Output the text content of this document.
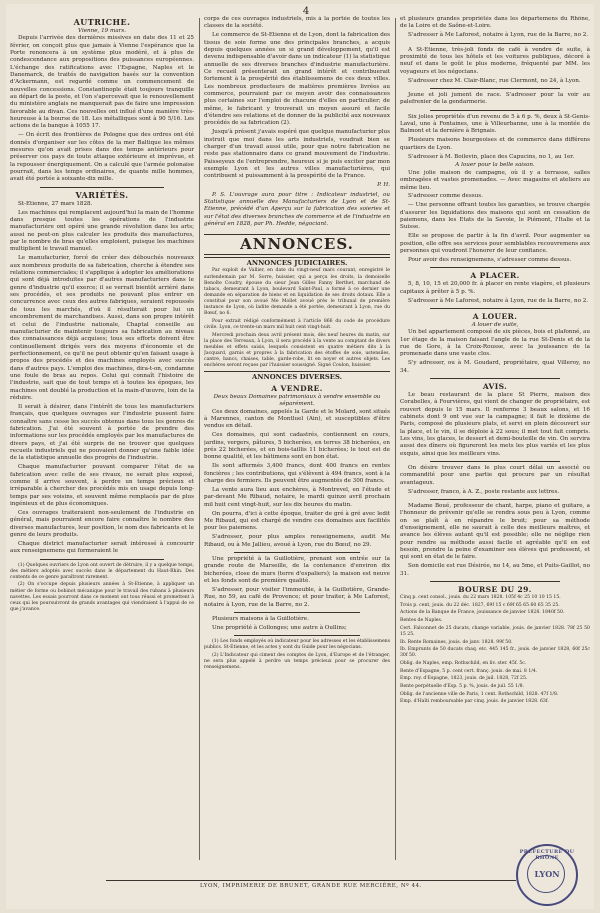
4
AUTRICHE.
Vienne, 19 mars.

Depuis l'arrivée des dernières missives en date des 11 et 25 février, on conçoit plus que jamais à Vienne l'espérance que la Porte renoncera à un système plus modéré, et à plus de condescendance aux propositions des puissances européennes. L'échange des ratifications avec l'Espagne, Naples et le Danemarck, de traités de navigation basés sur la convention d'Ackermann, est regardé comme un commencement de nouvelles concessions. Constantinople était toujours tranquille au départ de la poste, et l'on s'apercevait que le renouvellement du ministère anglais ne manquerait pas de faire une impression favorable au divan. Ces nouvelles ont influé d'une manière très-heureuse à la bourse de 18. Les métalliques sont à 90 5/16. Les actions de la banque à 1055 17.

— On écrit des frontières de Pologne que des ordres ont été donnés d'organiser sur les côtes de la mer Baltique les mêmes mesures qu'on avait prises dans des temps antérieurs pour préserver ces pays de toute attaque extérieure et imprévue, et la repousser énergiquement. On a calculé que l'armée polonaise pourrait, dans les temps ordinaires, de quante mille hommes, avait été portée à soixante-dix mille.

VARIÉTÉS.

St-Etienne, 27 mars 1828.

Les machines qui remplacent aujourd'hui la main de l'homme dans presque toutes les opérations de l'industrie manufacturière ont opéré une grande révolution dans les arts; aussi ne peut-on plus calculer les produits des manufactures, par le nombre de bras qu'elles emploient, puisque les machines multiplient le travail manuel.

Le manufacturier, forcé de créer des débouchés nouveaux aux nombreux produits de sa fabrication, cherche à étendre ses relations commerciales; il s'applique à adopter les améliorations qui sont déjà introduites par d'autres manufacturiers dans le genre d'industrie qu'il exerce; il se verrait bientôt arriéré dans ses procédés, et ses produits ne pouvant plus entrer en concurrence avec ceux des autres fabriques, seraient repoussés de tous les marchés, d'où il résulterait pour lui un encombrement de marchandises. Aussi, dans son propre intérêt et celui de l'industrie nationale, Chaptal conseille au manufacturier de maintenir toujours sa fabrication au niveau des connaissances déjà acquises; tous ses efforts doivent être continuellement dirigés vers des moyens d'économie et de perfectionnement, ce qu'il ne peut obtenir qu'en faisant usage à propos des procédés et des machines employés avec succès dans d'autres pays. L'emploi des machines, dira-t-on, condamne une foule de bras au repos. Celui qui connaît l'histoire de l'industrie, sait que de tout temps et à toutes les époques, les machines ont doublé la production et la main-d'œuvre, loin de la réduire.

Il serait à désirer, dans l'intérêt de tous les manufacturiers français, que quelques ouvrages sur l'industrie pussent faire connaître sans cesse les succès obtenus dans tous les genres de fabrication. J'ai été souvent à portée de prendre des informations sur les procédés employés par les manufactures de divers pays, et j'ai été surpris de ne trouver que quelques recueils industriels qui ne pouvaient donner qu'une faible idée de la statistique annuelle des progrès de l'industrie.

Chaque manufacturier pouvant comparer l'état de sa fabrication avec celle de ses rivaux, ne serait plus exposé, comme il arrive souvent, à perdre un temps précieux et irréparable à chercher des procédés mis en usage depuis long-temps par ses voisins, et souvent même remplacés par de plus ingénieux et de plus économiques.

Ces ouvrages traiteraient non-seulement de l'industrie en général, mais pourraient encore faire connaître le nombre des diverses manufactures, leur position, le nom des fabricants et le genre de leurs produits.

Chaque district manufacturier serait intéressé à concourir aux renseignemens qui formeraient le

(1) Quelques ouvriers de Lyon ont ouvert de détruire, il y a quelque temps, des métiers adoptés avec succès dans le département du Haut-Rhin. Des contents de ce genre paraîtront rarement.

(2) On s'occupe depuis plusieurs années à St-Etienne, à appliquer un métier de forme ou bobinot mécanique pour le travail des rubans à plusieurs navettes. Les essais pourront dans ce moment ont tous réussi et promettent à ceux qui les poursuivront de grands avantages qui viendraient à l'appui de ce que j'avance.

corps de ces ouvrages industriels, mis à la portée de toutes les classes de la société.

Le commerce de St-Etienne et de Lyon, dont la fabrication des tissus de soie forme une des principales branches, a acquis depuis quelques années un si grand développement, qu'il est devenu indispensable d'avoir dans un indicateur (1) la statistique annuelle de ses diverses branches d'industrie manufacturière. Ce recueil présenterait un grand intérêt et contribuerait fortement à la prospérité des établissemens de ces deux villes. Les nombreux producteurs de matières premières livrées au commerce, pourraient par ce moyen avoir des connaissances plus certaines sur l'emploi de chacune d'elles en particulier; de même, le fabricant y trouverait un moyen assuré et facile d'étendre ses relations et de donner de la publicité aux nouveaux procédés de sa fabrication (2).

Jusqu'à présent j'avais espéré que quelque manufacturier plus instruit que moi dans les arts industriels, voudrait bien se charger d'un travail aussi utile, pour que notre fabrication ne reste pas stationnaire dans ce grand mouvement de l'industrie. Paisseyeux de l'entreprendre, heureux si je puis exciter par mon exemple Lyon et les autres villes manufacturières, qui contribuent si puissamment à la prospérité de la France.

P. H.

P. S. L'ouvrage aura pour titre : Indicateur industriel, ou Statistique annuelle des Manufacturiers de Lyon et de St-Etienne, précédé d'un Aperçu sur la fabrication des soieries et sur l'état des diverses branches de commerce et de l'industrie en général en 1828, par Ph. Hedde, négociant.

ANNONCES.
ANNONCES JUDICIAIRES.

Par exploit de Vallier, en date du vingt-neuf mars courant, enregistré le surlendemain par M. Sorre, huissier, qui a perçu les droits, la demoiselle Benoîte Coudry, épouse du sieur Jean Gilles Fanny Berthet, marchand de tabacs, demeurant à Lyon, boulevard Saint-Paul, a formé à ce dernier une demande en séparation de biens et en liquidation de ses droits dotaux. Elle a constitué pour son avoué Me Mollet avoué près le tribunal de première instance de Lyon, où ladite demande a été portée, demeurant à Lyon, rue du Bœuf, no 6.

Pour extrait rédigé conformément à l'article 866 du code de procédure civile. Lyon, ce trente-un mars mil huit cent vingt-huit.

Mercredi prochain deux avril présent mois, dès neuf heures du matin, sur la place des Terreaux, à Lyon, il sera procédé à la vente au comptant de divers meubles et effets saisis, lesquels consistent en quatre métiers dits à la Jacquard, garnis et propres à la fabrication des étoffes de soie, ustensiles, cantre, bancs, chaises, table, garde-robe, lit en noyer et autres objets. Les enchères seront reçues par l'huissier soussigné. Signé Coulon, huissier.

ANNONCES DIVERSES.
A VENDRE.
Deux beaux Domaines patrimoniaux à vendre ensemble ou séparément.

Ces deux domaines, appelés la Garde et le Molard, sont situés à Marennes, canton de Montluel (Ain), et susceptibles d'être vendus en détail.

Ces domaines, qui sont cadastrés, contiennent en cours, jardins, vergers, pâtures, 5 bicherées, en terres 38 bicherées, en prés 22 bicherées, et en bois-taillis 11 bicherées; le tout est de bonne qualité, et les bâtimens sont en bon état.

Ils sont affermés 3,400 francs, dont 400 francs en rentes foncières ; les contributions, qui s'élèvent à 494 francs, sont à la charge des fermiers. Ils peuvent être augmentés de 300 francs.

La vente aura lieu aux enchères, à Montrevel, en l'étude et par-devant Me Ribaud, notaire, le mardi quinze avril prochain mil huit cent vingt-huit, sur les dix heures du matin.

On pourra, d'ici à cette époque, traiter de gré à gré avec ledit Me Ribaud, qui est chargé de vendre ces domaines aux facilités pour les paiemens.

S'adresser, pour plus amples renseignemens, audit Me Ribaud, ou à Me Jallieu, avoué à Lyon, rue du Bœuf, no 29.

Une propriété à la Guillotière, prenant son entrée sur la grande route de Marseille, de la contenance d'environ dix bicherées, close de murs (terre d'espaliers); la maison est neuve et les fonds sont de première qualité.

S'adresser, pour visiter l'immeuble, à la Guillotière, Grande-Rue, no 59, au café de Provence; et pour traiter, à Me Laforest, notaire à Lyon, rue de la Barre, no 2.

Plusieurs maisons à la Guillotière.

Une propriété à Collonges; une autre à Oullins;

(1) Les fonds employés où indicateur pour les adresses et les établissemens publics. St-Etienne, et les actes y sont du Guide pour les négocians.

(2) L'Indicateur qui ciment des comptes de Lyon, d'Europe et de l'étranger, ne sera plus appelé à perdre un temps précieux pour se procurer des renseignemens.

et plusieurs grandes propriétés dans les départemens du Rhône, de la Loire et de Saône-et-Loire.

S'adresser à Me Laforest, notaire à Lyon, rue de la Barre, no 2.

A St-Etienne, très-joli fonds de café à vendre de suite, à proximité de tous les hôtels et les voitures publiques, décoré à neuf et dans le goût le plus moderne, fréquenté par MM. les voyageurs et les négocians.

S'adresser chez M. Clair-Blanc, rue Clermont, no 24, à Lyon.

Jeune et joli jument de race. S'adresser pour la voir au palefrenier de la gendarmerie.

Six jolies propriétés d'un revenu de 5 à 6 p. %, deux à St-Genis-Laval, une à Fontaines, une à Villeurbanne, une à la montée du Balmont et la dernière à Brignais.

Plusieurs maisons bourgeoises et de commerce dans différens quartiers de Lyon.

S'adresser à M. Boilevin, place des Capucins, no 1, au 1er.

A louer pour la belle saison.

Une jolie maison de campagne, où il y a terrasse, salles ombragées et vastes promenades. — Avec magasins et ateliers au même lieu.

S'adresser comme dessus.

— Une personne offrant toutes les garanties, se trouve chargée d'assurer les liquidations des maisons qui sont en cessation de paiemens, dans les Etats de la Savoie, le Piémont, l'Italie et la Suisse.

Elle se propose de partir à la fin d'avril. Pour augmenter sa position, elle offre ses services pour semblables recouvremens aux personnes qui voudront l'honorer de leur confiance.

Pour avoir des renseignemens, s'adresser comme dessus.

A PLACER.

5, 8, 10, 15 et 20,000 fr. à placer en rente viagère, et plusieurs capitaux à prêter à 5 p. %.

S'adresser à Me Laforest, notaire à Lyon, rue de la Barre, no 2.

A LOUER.
A louer de suite,

Un bel appartement composé de six pièces, bois et plafonné, au 1er étage de la maison faisant l'angle de la rue St-Denis et de la rue de Gore, à la Croix-Rousse, avec la jouissance de la promenade dans une vaste clos.

S'y adresser, ou à M. Goudard, propriétaire, quai Villeroy, no 34.

AVIS.

Le beau restaurant de la place St Pierre, maison des Corabelles, à Fourvières, qui vient de changer de propriétaire, est rouvert depuis le 15 mars. Il renferme 3 beaux salons, et 16 cabinets dont 9 ont vue sur la campagne; il fait le dixième de Paris, composé de plusieurs plats, et servi en plein découvert sur la place, et le vin, il se déploie à 22 sous; il met tout fait compris. Les vins, les glaces, le dessert et demi-bouteille de vin. On servira aussi des dîners où figureront les mets les plus variés et les plus exquis, ainsi que les meilleurs vins.

On désire trouver dans le plus court délai un associé ou commandité pour une partie qui procure par un résultat avantageux.

S'adresser, franco, à A. Z., poste restante aux lettres.

Madame Boué, professeur de chant, harpe, piano et guitare, a l'honneur de prévenir qu'elle se rendra sous peu à Lyon, comme on se plaît à en répandre le bruit; pour sa méthode d'enseignement, elle ne saurait à celle des meilleurs maîtres, et avance les élèves autant qu'il est possible; elle ne néglige rien pour rendre sa méthode aussi facile et agréable qu'il en est besoin, prendre la peine d'examiner ses élèves qui professent, et qui sont en état de le faire.

Son domicile est rue Désirée, no 14, au 5me, et Puits-Gaillot, no 31.

BOURSE DU 29.

Cinq p. cent consol., jouis. du 22 mars 1828. 105f 4c 25 10 10 15 15.

Trois p. cent, jouis. du 22 déc. 1827, 69f 15 c 69f 65 65 60 65 35 25.

Actions de la Banque de France, jouissance de janvier 1828. 1840f 50.

Rentes de Naples.

Cert. Falconnet de 25 ducats, change variable, jouis. de janvier 1828. 78f 25 50 15 25.

Ib. Rente Romaines, jouis. de janv. 1828. 99f 50.

Ib. Emprunts de 50 ducats chaq. etc. 445 145 fr., jouis. de janvier 1828, 60f 25c 30f 50.

Oblig. de Naples, emp. Rothschild, en liv. ster. 45f. 5c.

Rente d'Espagne, 5 p. cent cert. franç. jouis. de mai. 8 1/4.

Emp. roy. d'Espagne, 1823, jouis. de juil. 1828, 72f 25.

Rente perpétuelle d'Esp. 5 p. %, jouis. de juil. 55 1/8.

Oblig. de l'ancienne ville de Paris, 1 cent. Rothschild, 1828. 47f 1/8.

Emp. d'Haïti remboursable par cinq. jouis. de janvier 1828. 63f.

LYON, IMPRIMERIE DE BRUNET, GRANDE RUE MERCIÈRE, Nº 44.
PRÉFECTURE DU RHÔNE
LYON
